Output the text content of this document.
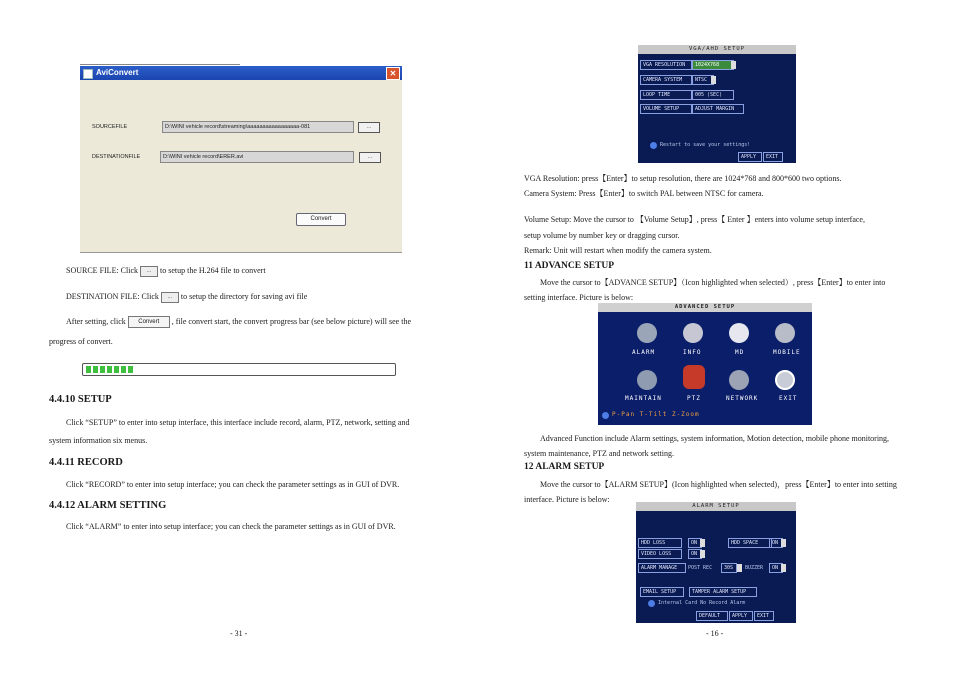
AviConvert	✕
SOURCEFILE	D:\WINI vehicle record\streaming\aaaaaaaaaaaaaaaaa-081	...
DESTINATIONFILE	D:\WINI vehicle record\ERER.avi	...
Convert
SOURCE FILE: Click ... to setup the H.264 file to convert
DESTINATION FILE: Click ... to setup the directory for saving avi file
After setting, click Convert , file convert start, the convert progress bar (see below picture) will see the
progress of convert.
4.4.10 SETUP
Click “SETUP” to enter into setup interface, this interface include record, alarm, PTZ, network, setting and
system information six menus.
4.4.11 RECORD
Click “RECORD” to enter into setup interface; you can check the parameter settings as in GUI of DVR.
4.4.12 ALARM SETTING
Click “ALARM” to enter into setup interface; you can check the parameter settings as in GUI of DVR.
- 31 -
VGA/AHD SETUP
VGA RESOLUTION	1024X768
CAMERA SYSTEM	NTSC
LOOP TIME	005 (SEC)
VOLUME SETUP	ADJUST MARGIN
Restart to save your settings!
APPLY	EXIT
VGA Resolution: press【Enter】to setup resolution, there are 1024*768 and 800*600 two options.
Camera System: Press【Enter】to switch PAL between NTSC for camera.
Volume Setup: Move the cursor to 【Volume Setup】, press【 Enter 】enters into volume setup interface,
setup volume by number key or dragging cursor.
Remark: Unit will restart when modify the camera system.
11 ADVANCE SETUP
Move the cursor to【ADVANCE SETUP】（Icon highlighted when selected）, press【Enter】to enter into
setting interface. Picture is below:
ADVANCED SETUP
ALARM	INFO	MD	MOBILE
MAINTAIN	PTZ	NETWORK	EXIT
P-Pan T-Tilt Z-Zoom
Advanced Function include Alarm settings, system information, Motion detection, mobile phone monitoring,
system maintenance, PTZ and network setting.
12 ALARM SETUP
Move the cursor to【ALARM SETUP】(Icon highlighted when selected)，press【Enter】to enter into setting
interface. Picture is below:
ALARM SETUP
HDD LOSS	ON	HDD SPACE	ON
VIDEO LOSS	ON
ALARM MANAGE	POST REC	30S	BUZZER	ON
EMAIL SETUP	TAMPER ALARM SETUP
Internal Card No Record Alarm
DEFAULT	APPLY	EXIT
- 16 -
